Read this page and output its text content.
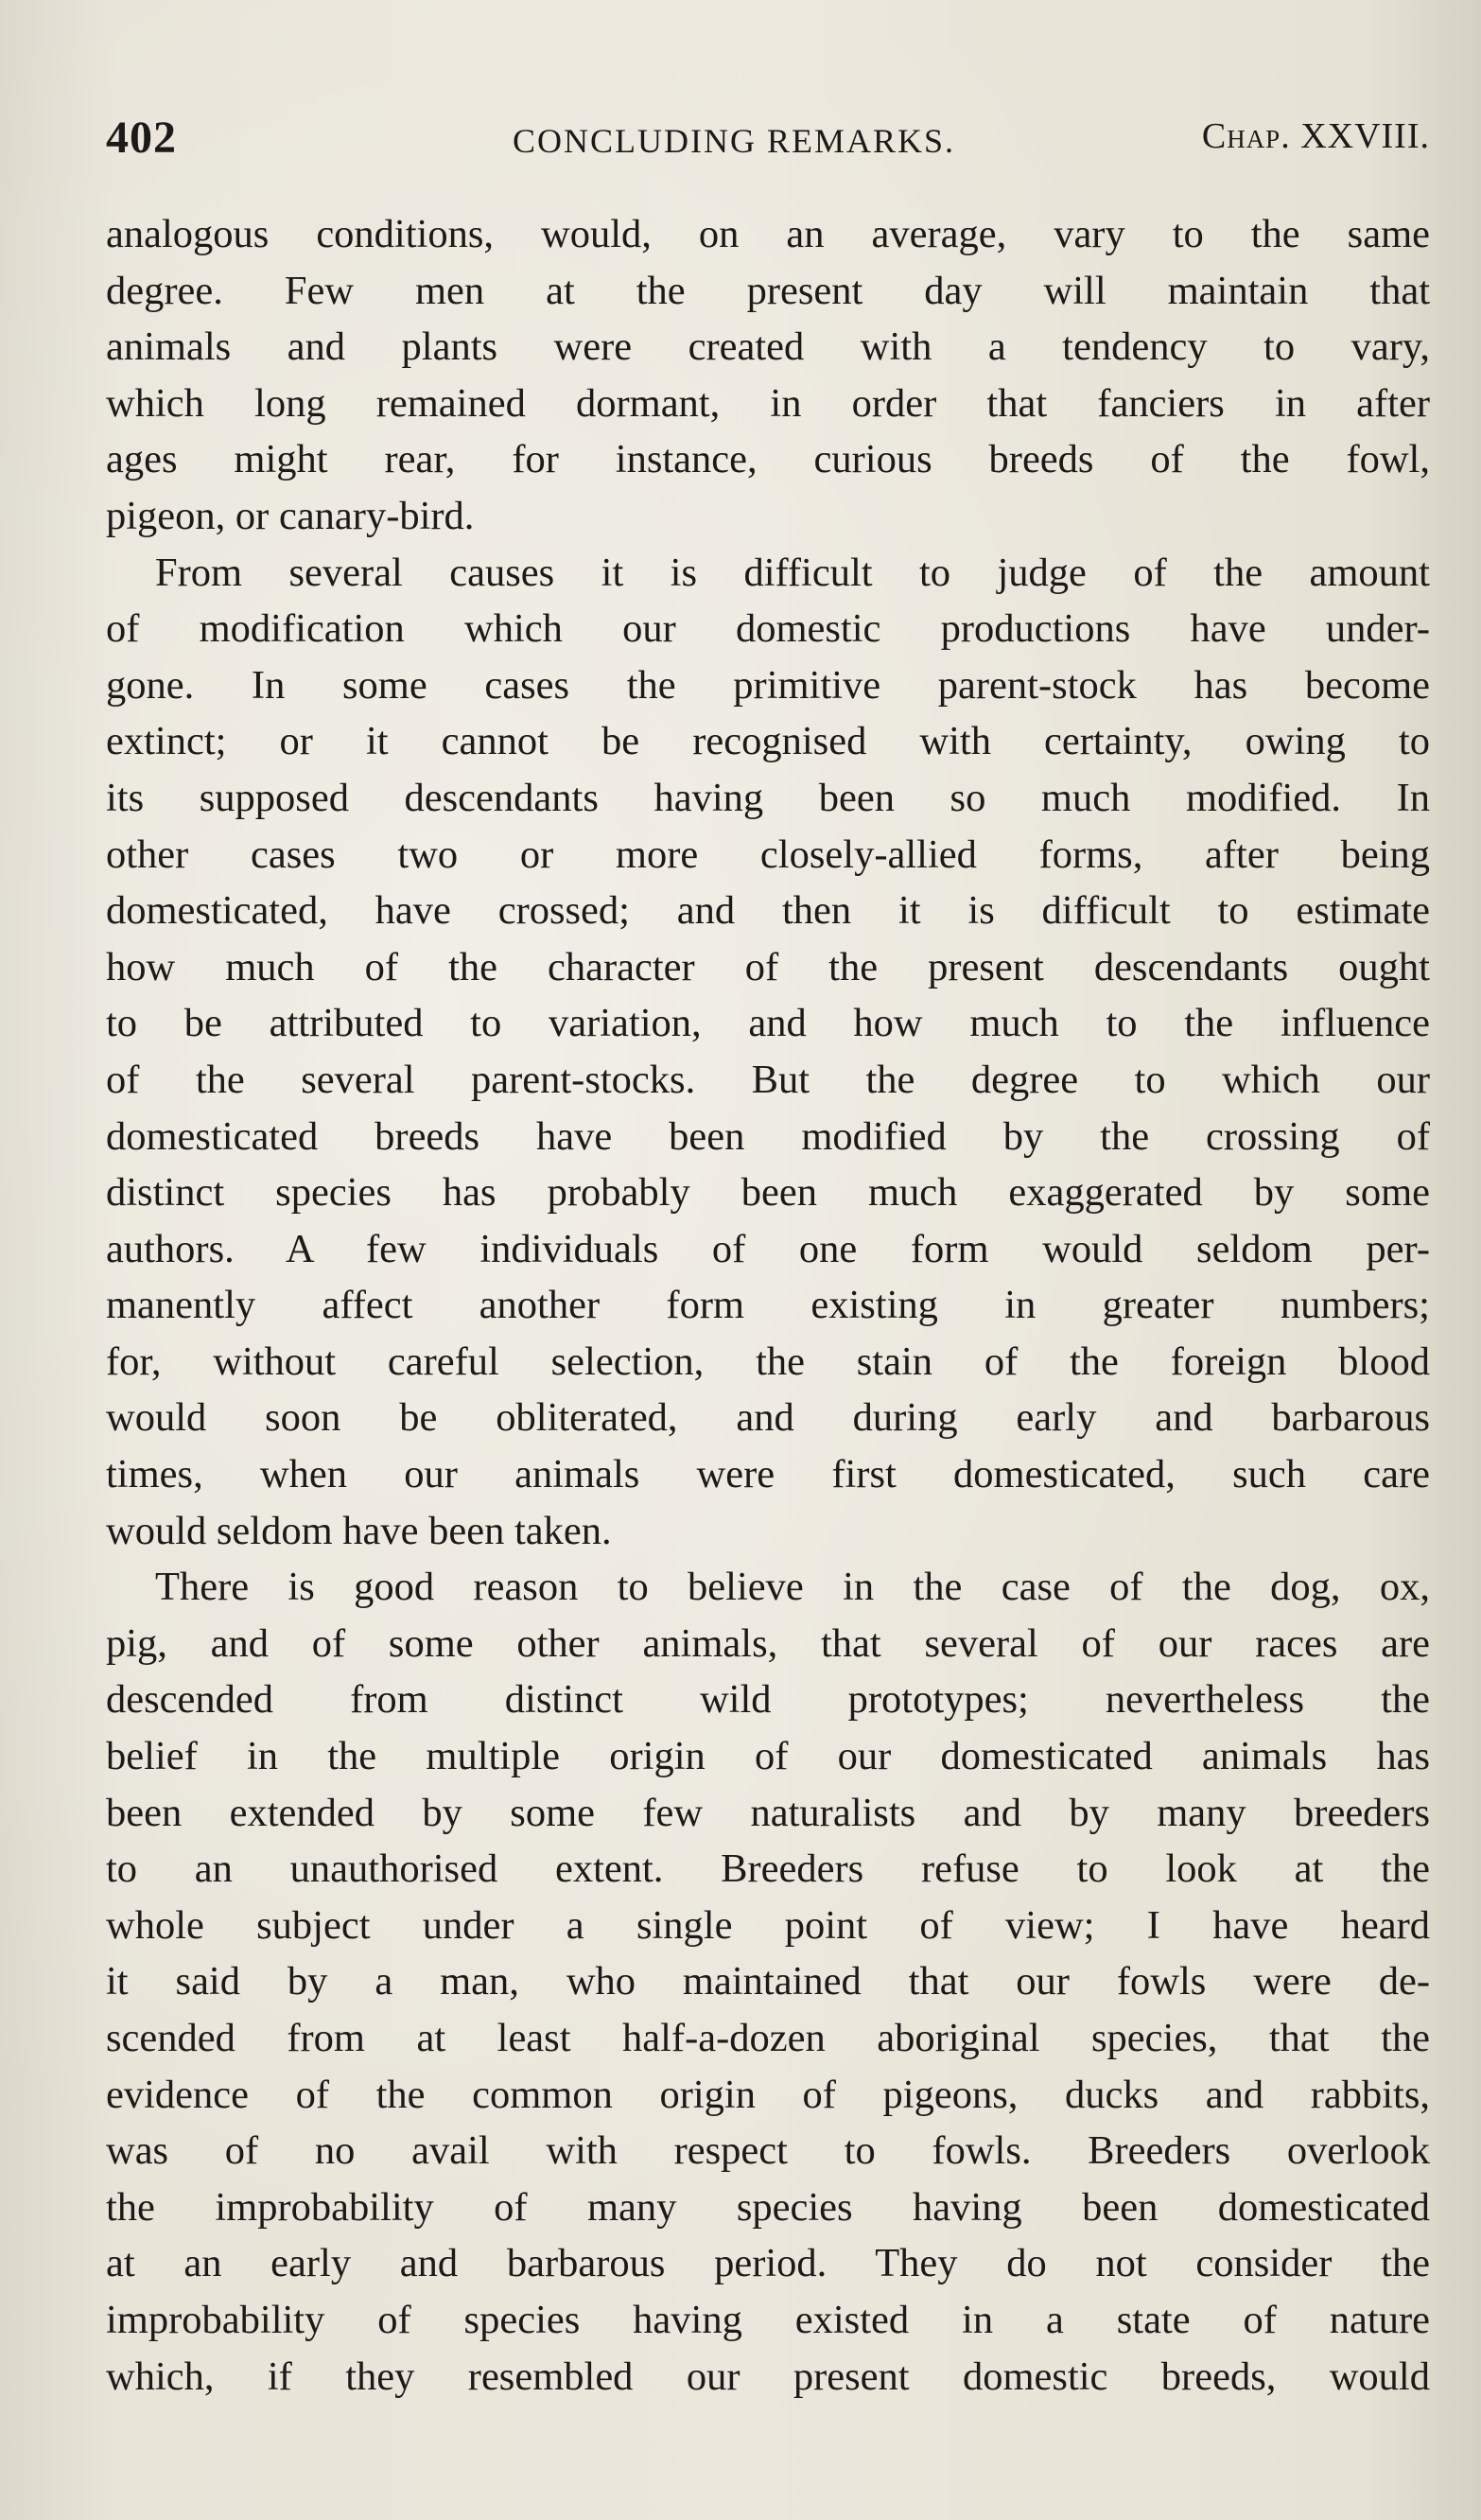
402	CONCLUDING REMARKS.	Chap. XXVIII.
analogous conditions, would, on an average, vary to the same
degree. Few men at the present day will maintain that
animals and plants were created with a tendency to vary,
which long remained dormant, in order that fanciers in after
ages might rear, for instance, curious breeds of the fowl,
pigeon, or canary-bird.
From several causes it is difficult to judge of the amount
of modification which our domestic productions have under-
gone. In some cases the primitive parent-stock has become
extinct; or it cannot be recognised with certainty, owing to
its supposed descendants having been so much modified. In
other cases two or more closely-allied forms, after being
domesticated, have crossed; and then it is difficult to estimate
how much of the character of the present descendants ought
to be attributed to variation, and how much to the influence
of the several parent-stocks. But the degree to which our
domesticated breeds have been modified by the crossing of
distinct species has probably been much exaggerated by some
authors. A few individuals of one form would seldom per-
manently affect another form existing in greater numbers;
for, without careful selection, the stain of the foreign blood
would soon be obliterated, and during early and barbarous
times, when our animals were first domesticated, such care
would seldom have been taken.
There is good reason to believe in the case of the dog, ox,
pig, and of some other animals, that several of our races are
descended from distinct wild prototypes; nevertheless the
belief in the multiple origin of our domesticated animals has
been extended by some few naturalists and by many breeders
to an unauthorised extent. Breeders refuse to look at the
whole subject under a single point of view; I have heard
it said by a man, who maintained that our fowls were de-
scended from at least half-a-dozen aboriginal species, that the
evidence of the common origin of pigeons, ducks and rabbits,
was of no avail with respect to fowls. Breeders overlook
the improbability of many species having been domesticated
at an early and barbarous period. They do not consider the
improbability of species having existed in a state of nature
which, if they resembled our present domestic breeds, would
